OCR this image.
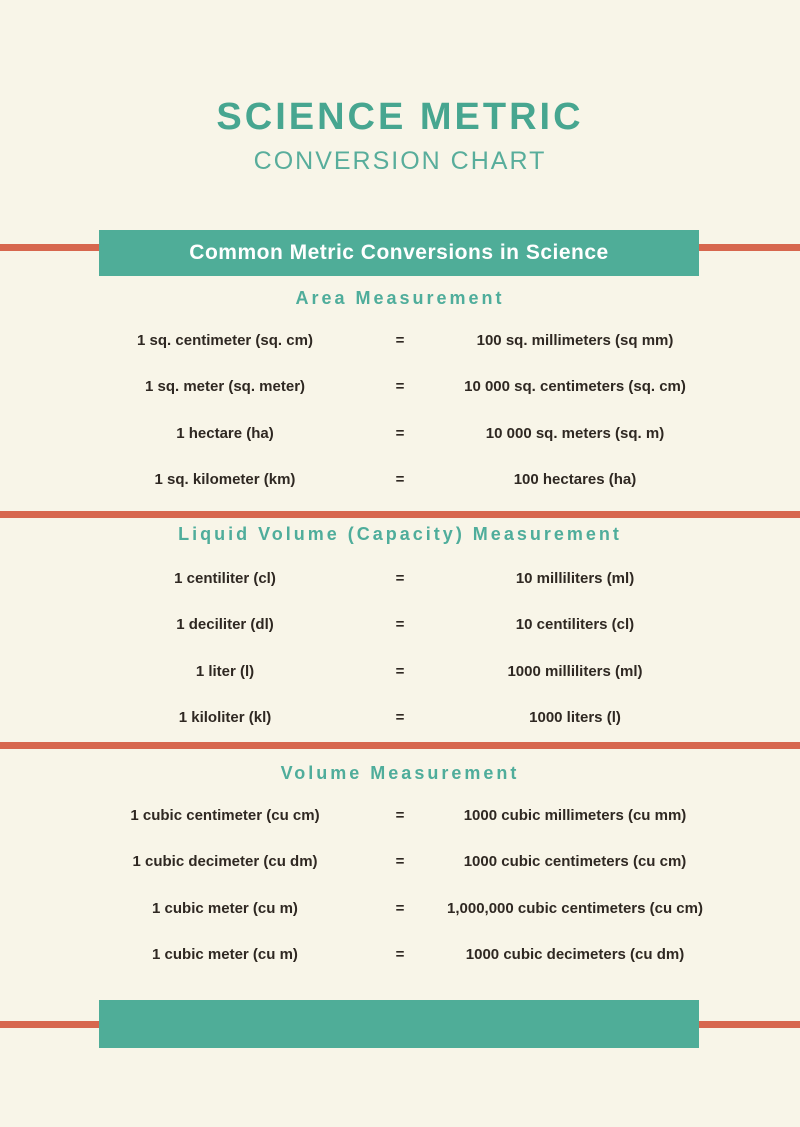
SCIENCE METRIC
CONVERSION CHART
Common Metric Conversions in Science
Area Measurement
1 sq. centimeter (sq. cm)	=	100 sq. millimeters (sq mm)
1 sq. meter (sq. meter)	=	10 000 sq. centimeters (sq. cm)
1 hectare (ha)	=	10 000 sq. meters (sq. m)
1 sq. kilometer (km)	=	100 hectares (ha)
Liquid Volume (Capacity) Measurement
1 centiliter (cl)	=	10 milliliters (ml)
1 deciliter (dl)	=	10 centiliters (cl)
1 liter (l)	=	1000 milliliters (ml)
1 kiloliter (kl)	=	1000 liters (l)
Volume Measurement
1 cubic centimeter (cu cm)	=	1000 cubic millimeters (cu mm)
1 cubic decimeter (cu dm)	=	1000 cubic centimeters (cu cm)
1 cubic meter (cu m)	=	1,000,000 cubic centimeters (cu cm)
1 cubic meter (cu m)	=	1000 cubic decimeters (cu dm)
